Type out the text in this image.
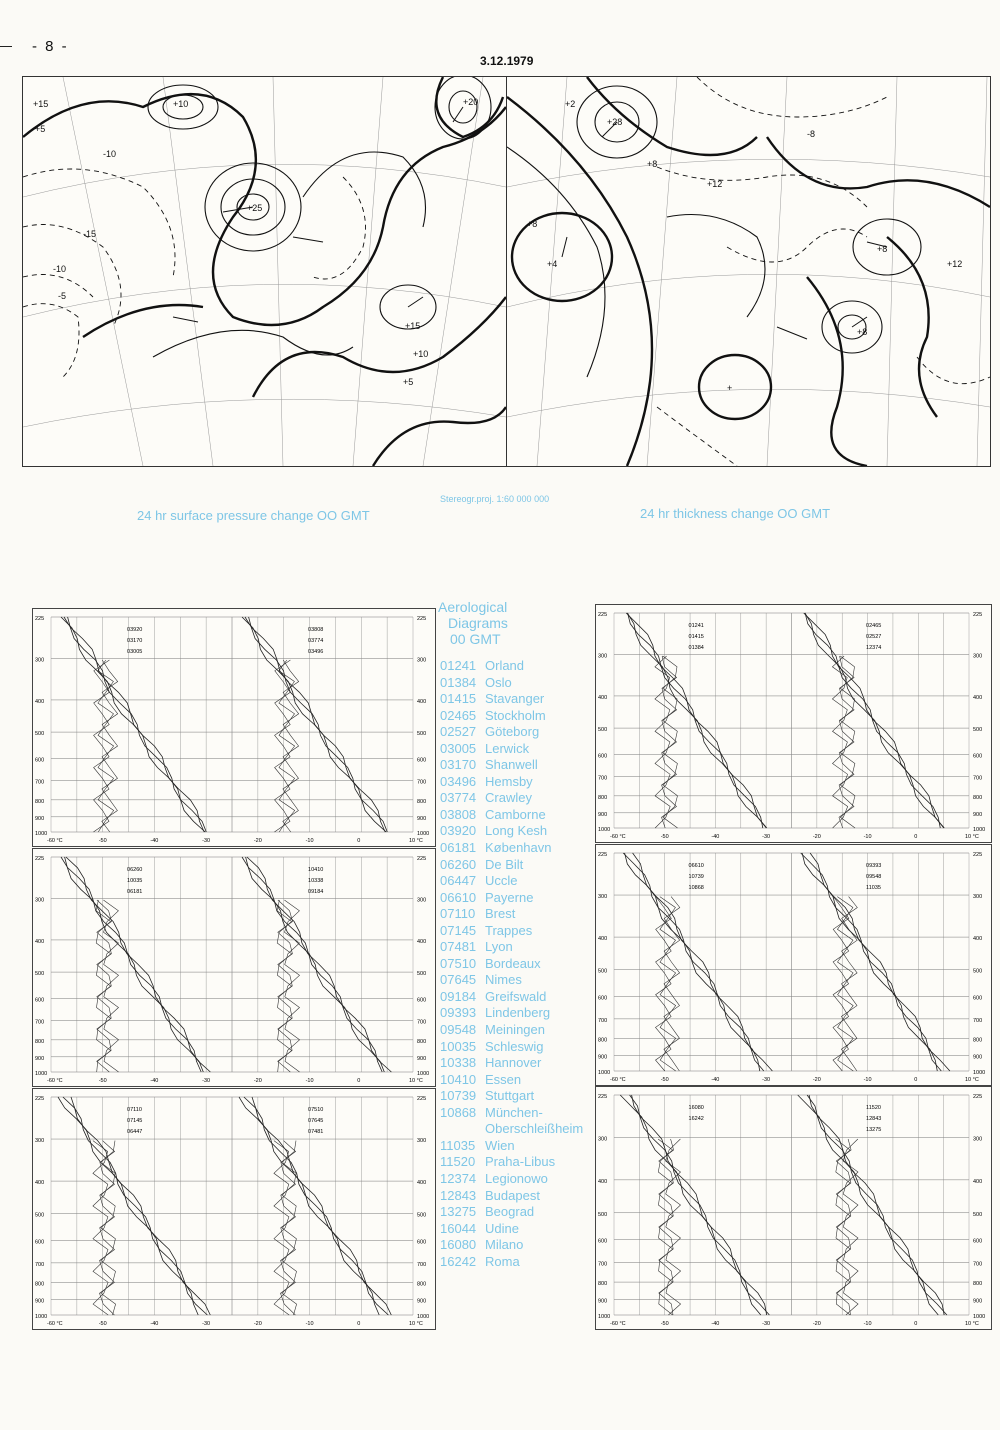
- 8 -
3.12.1979
+15
+5
-10
-15
-10
-5
+10
+25
+15
+20
+5
+10
+2
+28
+4
+
+8
+8
-8
+8
+12
+8
+12
Stereogr.proj. 1:60 000 000
24 hr surface pressure change OO GMT	24 hr thickness change OO GMT
225	225
300	300
400	400
500	500
600	600
700	700
800	800
900	900
1000	1000
-60 °C	-50	-40	-30	-20	-10	0	10 °C
03920
03170
03005
03808
03774
03496
225	225
300	300
400	400
500	500
600	600
700	700
800	800
900	900
1000	1000
-60 °C	-50	-40	-30	-20	-10	0	10 °C
01241
01415
01384
02465
02527
12374
225	225
300	300
400	400
500	500
600	600
700	700
800	800
900	900
1000	1000
-60 °C	-50	-40	-30	-20	-10	0	10 °C
06260
10035
06181
10410
10338
09184
225	225
300	300
400	400
500	500
600	600
700	700
800	800
900	900
1000	1000
-60 °C	-50	-40	-30	-20	-10	0	10 °C
06610
10739
10868
09393
09548
11035
225	225
300	300
400	400
500	500
600	600
700	700
800	800
900	900
1000	1000
-60 °C	-50	-40	-30	-20	-10	0	10 °C
07110
07145
06447
07510
07645
07481
225	225
300	300
400	400
500	500
600	600
700	700
800	800
900	900
1000	1000
-60 °C	-50	-40	-30	-20	-10	0	10 °C
16080
16242
11520
12843
13275
Aerological
Diagrams
00 GMT
01241 Orland
01384 Oslo
01415 Stavanger
02465 Stockholm
02527 Göteborg
03005 Lerwick
03170 Shanwell
03496 Hemsby
03774 Crawley
03808 Camborne
03920 Long Kesh
06181 København
06260 De Bilt
06447 Uccle
06610 Payerne
07110 Brest
07145 Trappes
07481 Lyon
07510 Bordeaux
07645 Nimes
09184 Greifswald
09393 Lindenberg
09548 Meiningen
10035 Schleswig
10338 Hannover
10410 Essen
10739 Stuttgart
10868 München-
Oberschleißheim
11035 Wien
11520 Praha-Libus
12374 Legionowo
12843 Budapest
13275 Beograd
16044 Udine
16080 Milano
16242 Roma
